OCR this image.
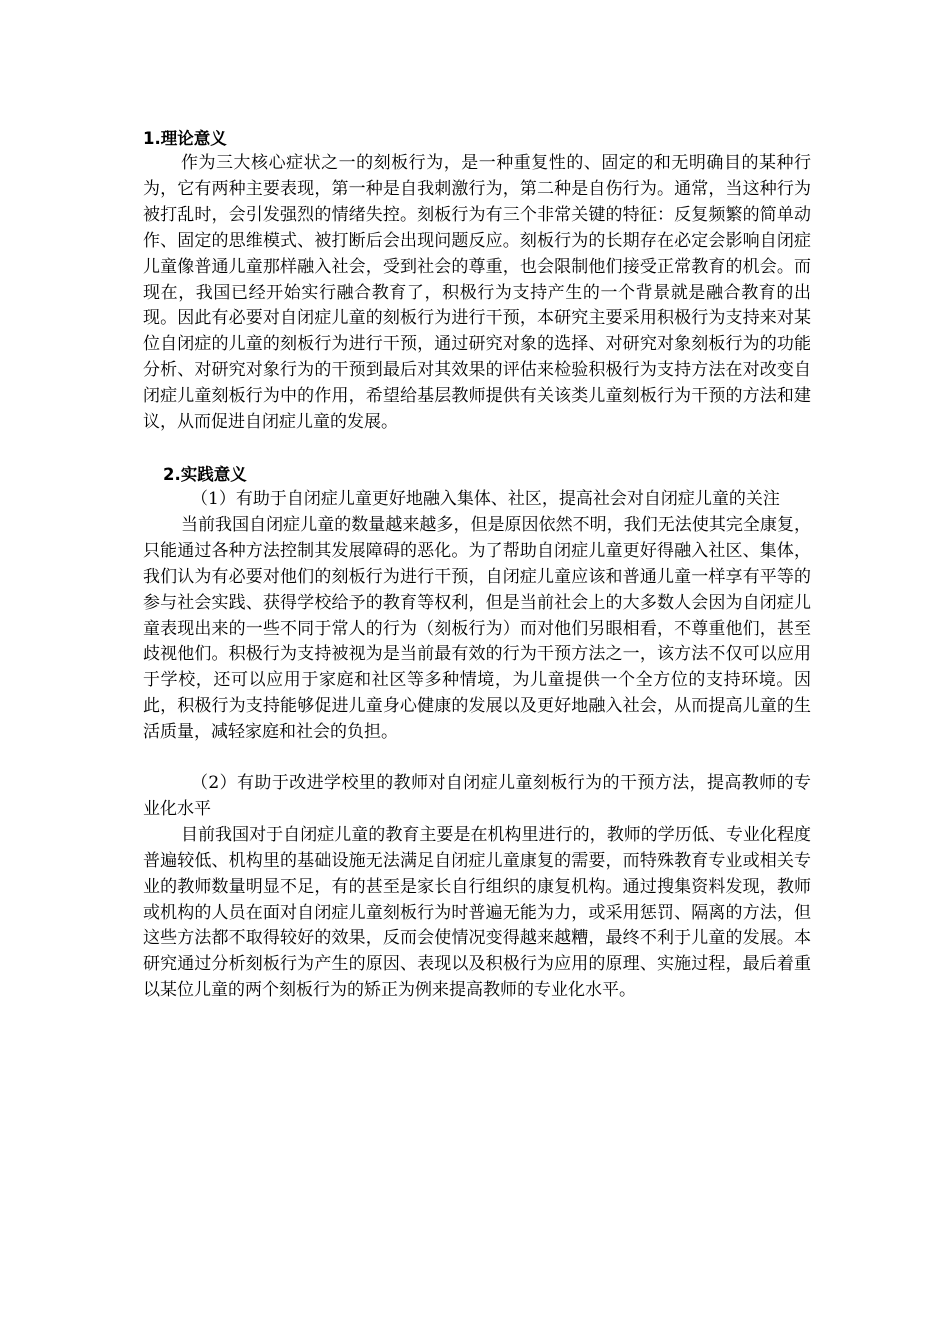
1.理论意义

作为三大核心症状之一的刻板行为，是一种重复性的、固定的和无明确目的某种行为，它有两种主要表现，第一种是自我刺激行为，第二种是自伤行为。通常，当这种行为被打乱时，会引发强烈的情绪失控。刻板行为有三个非常关键的特征：反复频繁的简单动作、固定的思维模式、被打断后会出现问题反应。刻板行为的长期存在必定会影响自闭症儿童像普通儿童那样融入社会，受到社会的尊重，也会限制他们接受正常教育的机会。而现在，我国已经开始实行融合教育了，积极行为支持产生的一个背景就是融合教育的出现。因此有必要对自闭症儿童的刻板行为进行干预，本研究主要采用积极行为支持来对某位自闭症的儿童的刻板行为进行干预，通过研究对象的选择、对研究对象刻板行为的功能分析、对研究对象行为的干预到最后对其效果的评估来检验积极行为支持方法在对改变自闭症儿童刻板行为中的作用，希望给基层教师提供有关该类儿童刻板行为干预的方法和建议，从而促进自闭症儿童的发展。

2.实践意义

（1）有助于自闭症儿童更好地融入集体、社区，提高社会对自闭症儿童的关注

当前我国自闭症儿童的数量越来越多，但是原因依然不明，我们无法使其完全康复，只能通过各种方法控制其发展障碍的恶化。为了帮助自闭症儿童更好得融入社区、集体，我们认为有必要对他们的刻板行为进行干预，自闭症儿童应该和普通儿童一样享有平等的参与社会实践、获得学校给予的教育等权利，但是当前社会上的大多数人会因为自闭症儿童表现出来的一些不同于常人的行为（刻板行为）而对他们另眼相看，不尊重他们，甚至歧视他们。积极行为支持被视为是当前最有效的行为干预方法之一，该方法不仅可以应用于学校，还可以应用于家庭和社区等多种情境，为儿童提供一个全方位的支持环境。因此，积极行为支持能够促进儿童身心健康的发展以及更好地融入社会，从而提高儿童的生活质量，减轻家庭和社会的负担。

（2）有助于改进学校里的教师对自闭症儿童刻板行为的干预方法，提高教师的专业化水平

目前我国对于自闭症儿童的教育主要是在机构里进行的，教师的学历低、专业化程度普遍较低、机构里的基础设施无法满足自闭症儿童康复的需要，而特殊教育专业或相关专业的教师数量明显不足，有的甚至是家长自行组织的康复机构。通过搜集资料发现，教师或机构的人员在面对自闭症儿童刻板行为时普遍无能为力，或采用惩罚、隔离的方法，但这些方法都不取得较好的效果，反而会使情况变得越来越糟，最终不利于儿童的发展。本研究通过分析刻板行为产生的原因、表现以及积极行为应用的原理、实施过程，最后着重以某位儿童的两个刻板行为的矫正为例来提高教师的专业化水平。
